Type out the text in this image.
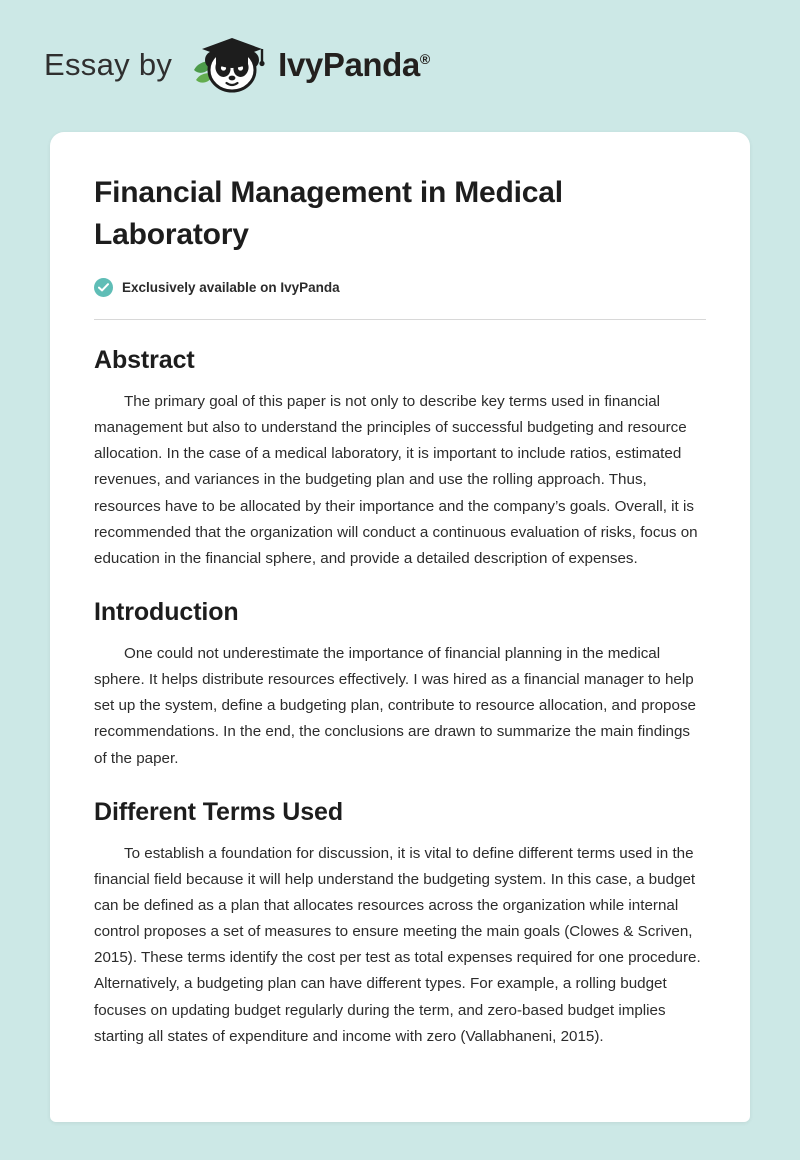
Essay by	IvyPanda®
Financial Management in Medical Laboratory
Exclusively available on IvyPanda
Abstract

The primary goal of this paper is not only to describe key terms used in financial management but also to understand the principles of successful budgeting and resource allocation. In the case of a medical laboratory, it is important to include ratios, estimated revenues, and variances in the budgeting plan and use the rolling approach. Thus, resources have to be allocated by their importance and the company’s goals. Overall, it is recommended that the organization will conduct a continuous evaluation of risks, focus on education in the financial sphere, and provide a detailed description of expenses.

Introduction

One could not underestimate the importance of financial planning in the medical sphere. It helps distribute resources effectively. I was hired as a financial manager to help set up the system, define a budgeting plan, contribute to resource allocation, and propose recommendations. In the end, the conclusions are drawn to summarize the main findings of the paper.

Different Terms Used

To establish a foundation for discussion, it is vital to define different terms used in the financial field because it will help understand the budgeting system. In this case, a budget can be defined as a plan that allocates resources across the organization while internal control proposes a set of measures to ensure meeting the main goals (Clowes & Scriven, 2015). These terms identify the cost per test as total expenses required for one procedure. Alternatively, a budgeting plan can have different types. For example, a rolling budget focuses on updating budget regularly during the term, and zero-based budget implies starting all states of expenditure and income with zero (Vallabhaneni, 2015).
